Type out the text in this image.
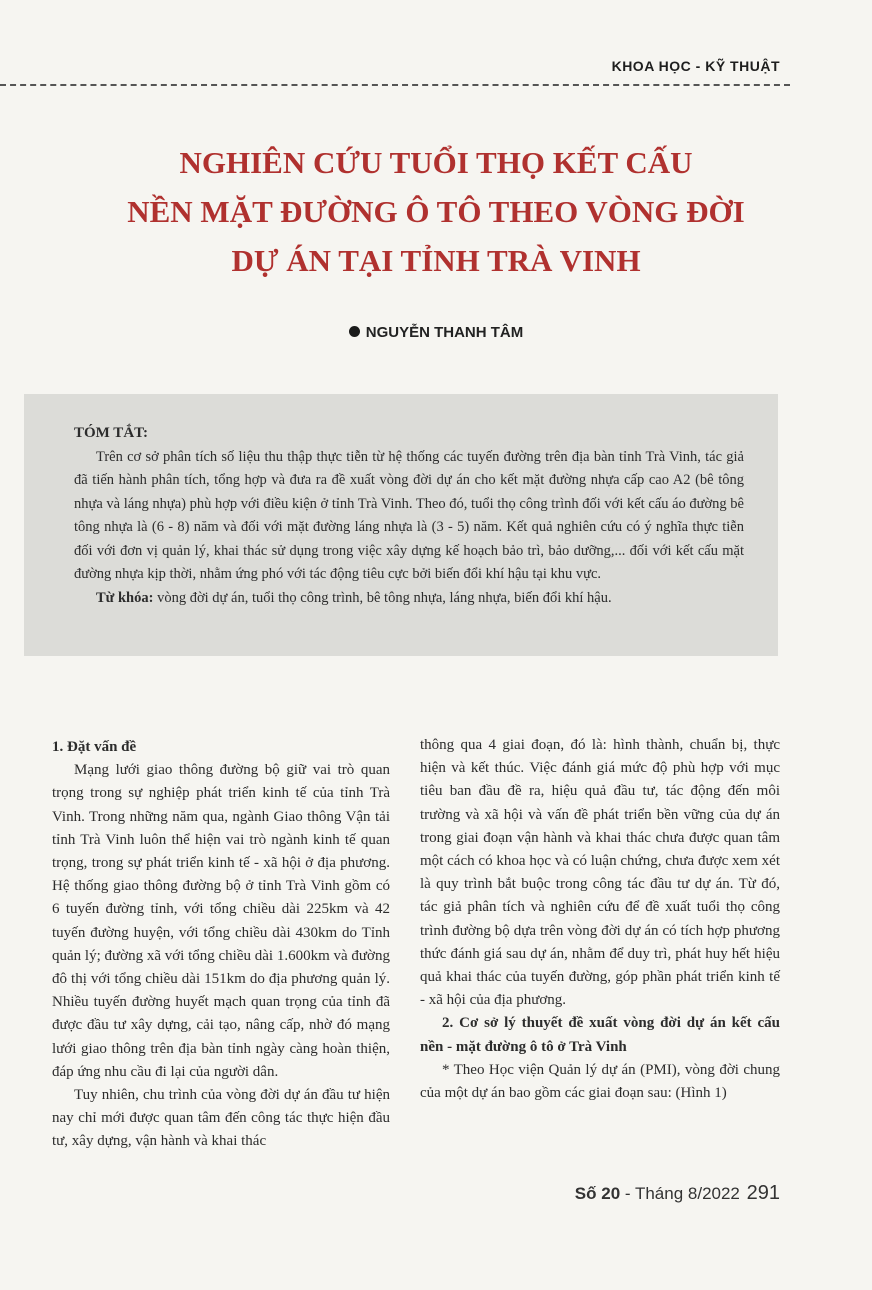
KHOA HỌC - KỸ THUẬT
NGHIÊN CỨU TUỔI THỌ KẾT CẤU
NỀN MẶT ĐƯỜNG Ô TÔ THEO VÒNG ĐỜI
DỰ ÁN TẠI TỈNH TRÀ VINH
NGUYỄN THANH TÂM
TÓM TẮT:

Trên cơ sở phân tích số liệu thu thập thực tiễn từ hệ thống các tuyến đường trên địa bàn tỉnh Trà Vinh, tác giả đã tiến hành phân tích, tổng hợp và đưa ra đề xuất vòng đời dự án cho kết mặt đường nhựa cấp cao A2 (bê tông nhựa và láng nhựa) phù hợp với điều kiện ở tỉnh Trà Vinh. Theo đó, tuổi thọ công trình đối với kết cấu áo đường bê tông nhựa là (6 - 8) năm và đối với mặt đường láng nhựa là (3 - 5) năm. Kết quả nghiên cứu có ý nghĩa thực tiễn đối với đơn vị quản lý, khai thác sử dụng trong việc xây dựng kế hoạch bảo trì, bảo dưỡng,... đối với kết cấu mặt đường nhựa kịp thời, nhằm ứng phó với tác động tiêu cực bởi biến đổi khí hậu tại khu vực.

Từ khóa: vòng đời dự án, tuổi thọ công trình, bê tông nhựa, láng nhựa, biến đổi khí hậu.

1. Đặt vấn đề

Mạng lưới giao thông đường bộ giữ vai trò quan trọng trong sự nghiệp phát triển kinh tế của tỉnh Trà Vinh. Trong những năm qua, ngành Giao thông Vận tải tỉnh Trà Vinh luôn thể hiện vai trò ngành kinh tế quan trọng, trong sự phát triển kinh tế - xã hội ở địa phương. Hệ thống giao thông đường bộ ở tỉnh Trà Vinh gồm có 6 tuyến đường tỉnh, với tổng chiều dài 225km và 42 tuyến đường huyện, với tổng chiều dài 430km do Tỉnh quản lý; đường xã với tổng chiều dài 1.600km và đường đô thị với tổng chiều dài 151km do địa phương quản lý. Nhiều tuyến đường huyết mạch quan trọng của tỉnh đã được đầu tư xây dựng, cải tạo, nâng cấp, nhờ đó mạng lưới giao thông trên địa bàn tỉnh ngày càng hoàn thiện, đáp ứng nhu cầu đi lại của người dân.

Tuy nhiên, chu trình của vòng đời dự án đầu tư hiện nay chỉ mới được quan tâm đến công tác thực hiện đầu tư, xây dựng, vận hành và khai thác

thông qua 4 giai đoạn, đó là: hình thành, chuẩn bị, thực hiện và kết thúc. Việc đánh giá mức độ phù hợp với mục tiêu ban đầu đề ra, hiệu quả đầu tư, tác động đến môi trường và xã hội và vấn đề phát triển bền vững của dự án trong giai đoạn vận hành và khai thác chưa được quan tâm một cách có khoa học và có luận chứng, chưa được xem xét là quy trình bắt buộc trong công tác đầu tư dự án. Từ đó, tác giả phân tích và nghiên cứu để đề xuất tuổi thọ công trình đường bộ dựa trên vòng đời dự án có tích hợp phương thức đánh giá sau dự án, nhằm để duy trì, phát huy hết hiệu quả khai thác của tuyến đường, góp phần phát triển kinh tế - xã hội của địa phương.

2. Cơ sở lý thuyết đề xuất vòng đời dự án kết cấu nền - mặt đường ô tô ở Trà Vinh

* Theo Học viện Quản lý dự án (PMI), vòng đời chung của một dự án bao gồm các giai đoạn sau: (Hình 1)

Số 20 - Tháng 8/2022 291
